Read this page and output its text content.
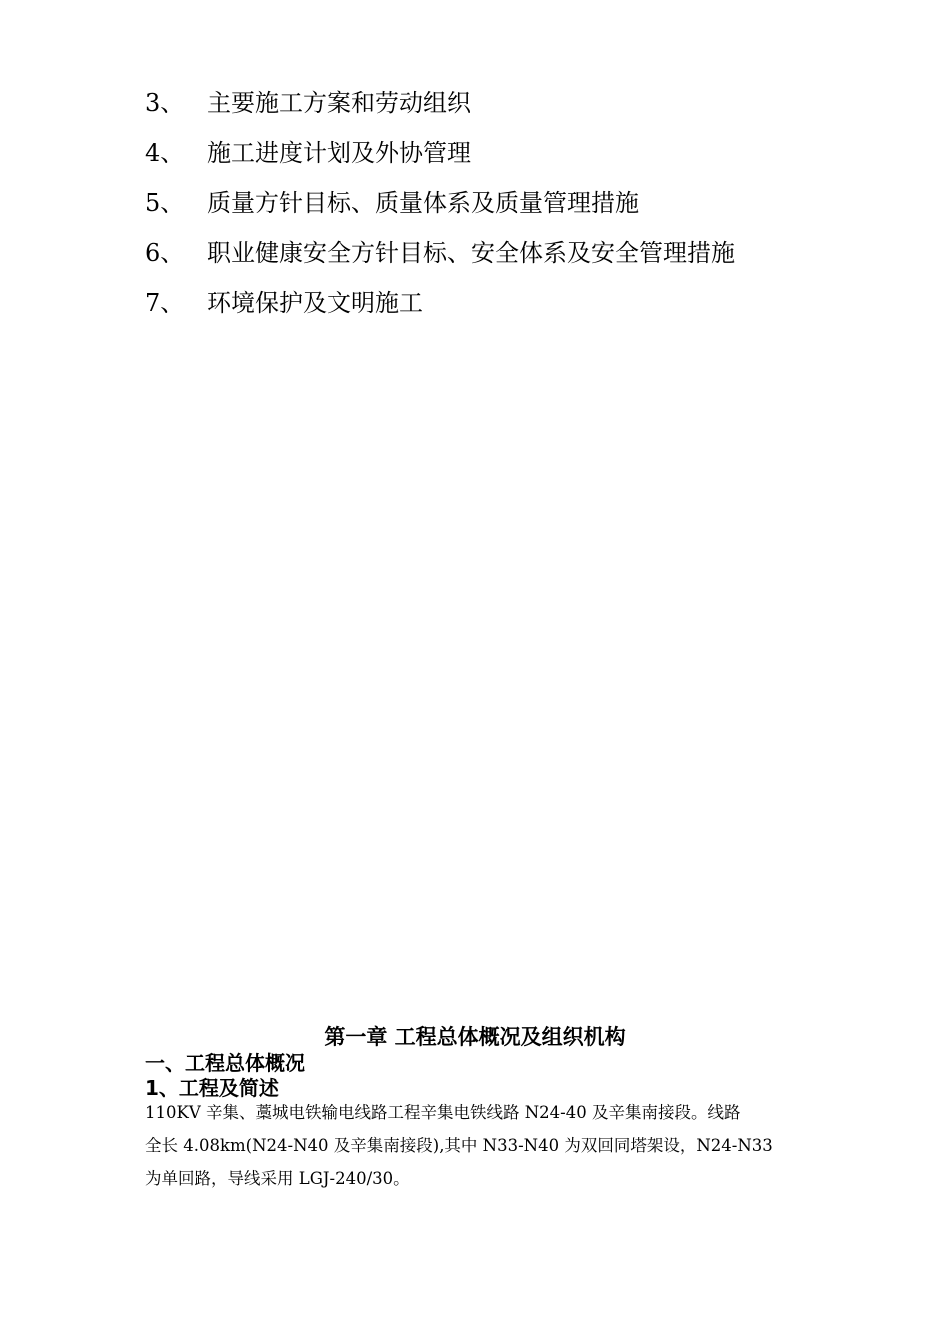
3、 主要施工方案和劳动组织
4、 施工进度计划及外协管理
5、 质量方针目标、质量体系及质量管理措施
6、 职业健康安全方针目标、安全体系及安全管理措施
7、 环境保护及文明施工
第一章 工程总体概况及组织机构
一、工程总体概况
1、工程及简述

110KV 辛集、藁城电铁输电线路工程辛集电铁线路 N24-40 及辛集南接段。线路
全长 4.08km(N24-N40 及辛集南接段),其中 N33-N40 为双回同塔架设，N24-N33
为单回路，导线采用 LGJ-240/30。
